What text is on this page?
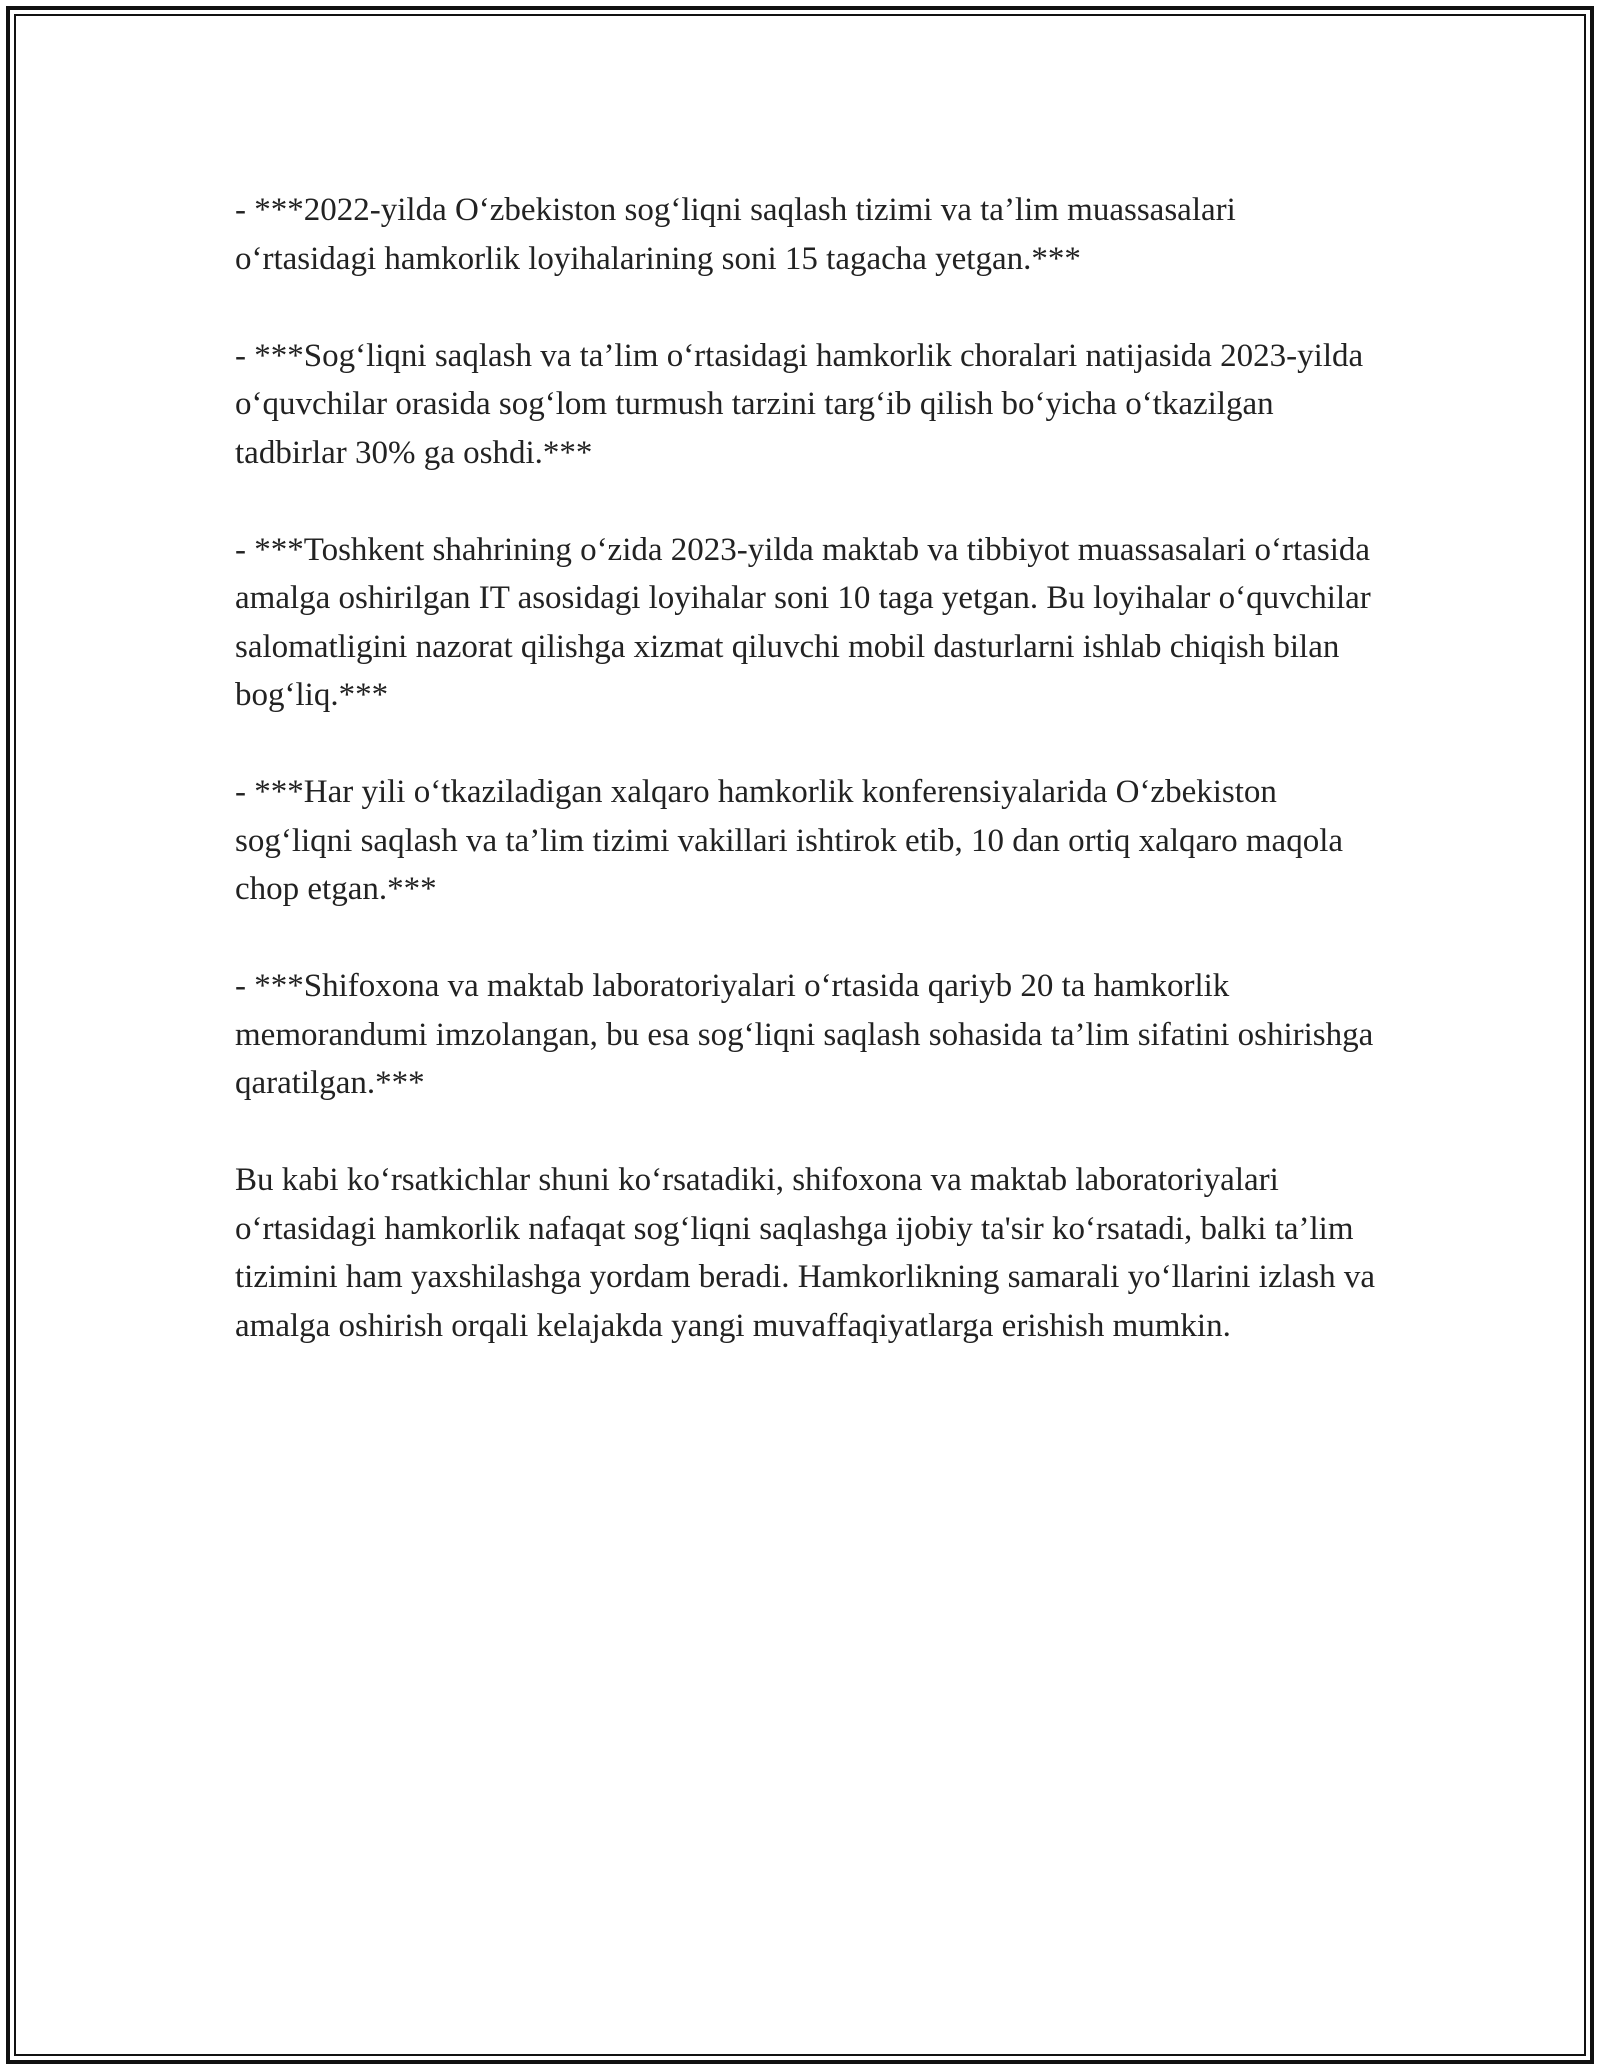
- ***2022-yilda O‘zbekiston sog‘liqni saqlash tizimi va ta’lim muassasalari o‘rtasidagi hamkorlik loyihalarining soni 15 tagacha yetgan.***

- ***Sog‘liqni saqlash va ta’lim o‘rtasidagi hamkorlik choralari natijasida 2023-yilda o‘quvchilar orasida sog‘lom turmush tarzini targ‘ib qilish bo‘yicha o‘tkazilgan tadbirlar 30% ga oshdi.***

- ***Toshkent shahrining o‘zida 2023-yilda maktab va tibbiyot muassasalari o‘rtasida amalga oshirilgan IT asosidagi loyihalar soni 10 taga yetgan. Bu loyihalar o‘quvchilar salomatligini nazorat qilishga xizmat qiluvchi mobil dasturlarni ishlab chiqish bilan bog‘liq.***

- ***Har yili o‘tkaziladigan xalqaro hamkorlik konferensiyalarida O‘zbekiston sog‘liqni saqlash va ta’lim tizimi vakillari ishtirok etib, 10 dan ortiq xalqaro maqola chop etgan.***

- ***Shifoxona va maktab laboratoriyalari o‘rtasida qariyb 20 ta hamkorlik memorandumi imzolangan, bu esa sog‘liqni saqlash sohasida ta’lim sifatini oshirishga qaratilgan.***

Bu kabi ko‘rsatkichlar shuni ko‘rsatadiki, shifoxona va maktab laboratoriyalari o‘rtasidagi hamkorlik nafaqat sog‘liqni saqlashga ijobiy ta'sir ko‘rsatadi, balki ta’lim tizimini ham yaxshilashga yordam beradi. Hamkorlikning samarali yo‘llarini izlash va amalga oshirish orqali kelajakda yangi muvaffaqiyatlarga erishish mumkin.
